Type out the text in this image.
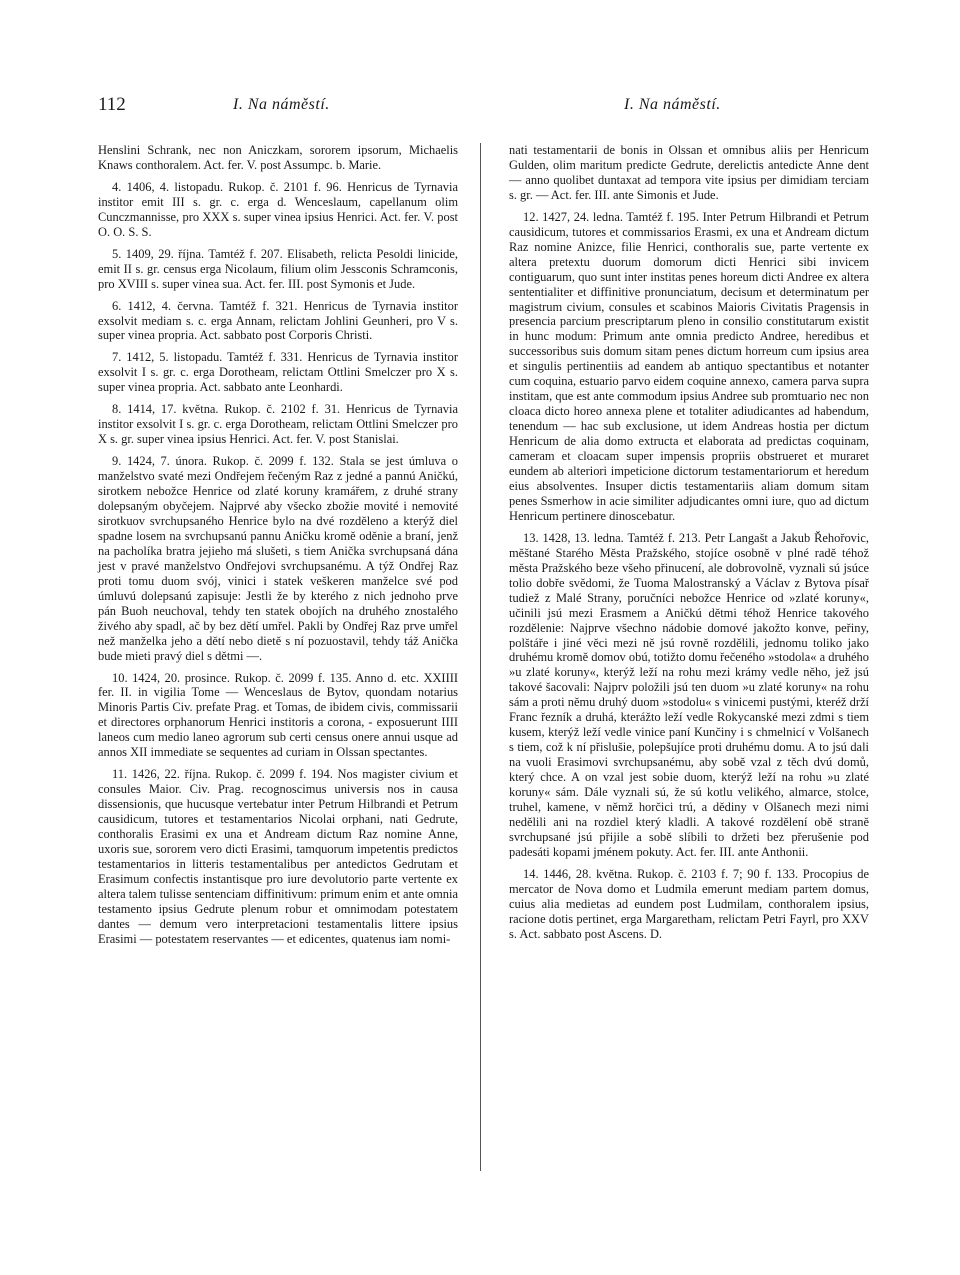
112	I. Na náměstí.	I. Na náměstí.

Henslini Schrank, nec non Aniczkam, sororem ipsorum, Michaelis Knaws conthoralem. Act. fer. V. post Assumpc. b. Marie.

4. 1406, 4. listopadu. Rukop. č. 2101 f. 96. Henricus de Tyrnavia institor emit III s. gr. c. erga d. Wenceslaum, capellanum olim Cunczmannisse, pro XXX s. super vinea ipsius Henrici. Act. fer. V. post O. O. S. S.

5. 1409, 29. října. Tamtéž f. 207. Elisabeth, relicta Pesoldi linicide, emit II s. gr. census erga Nicolaum, filium olim Jessconis Schramconis, pro XVIII s. super vinea sua. Act. fer. III. post Symonis et Jude.

6. 1412, 4. června. Tamtéž f. 321. Henricus de Tyrnavia institor exsolvit mediam s. c. erga Annam, relictam Johlini Geunheri, pro V s. super vinea propria. Act. sabbato post Corporis Christi.

7. 1412, 5. listopadu. Tamtéž f. 331. Henricus de Tyrnavia institor exsolvit I s. gr. c. erga Dorotheam, relictam Ottlini Smelczer pro X s. super vinea propria. Act. sabbato ante Leonhardi.

8. 1414, 17. května. Rukop. č. 2102 f. 31. Henricus de Tyrnavia institor exsolvit I s. gr. c. erga Dorotheam, relictam Ottlini Smelczer pro X s. gr. super vinea ipsius Henrici. Act. fer. V. post Stanislai.

9. 1424, 7. února. Rukop. č. 2099 f. 132. Stala se jest úmluva o manželstvo svaté mezi Ondřejem řečeným Raz z jedné a pannú Aničkú, sirotkem nebožce Henrice od zlaté koruny kramářem, z druhé strany dolepsaným obyčejem. Najprvé aby všecko zbožie movité i nemovité sirotkuov svrchupsaného Henrice bylo na dvé rozděleno a kterýž diel spadne losem na svrchupsanú pannu Aničku kromě oděnie a braní, jenž na pacholíka bratra jejieho má slušeti, s tiem Anička svrchupsaná dána jest v pravé manželstvo Ondřejovi svrchupsanému. A týž Ondřej Raz proti tomu duom svój, vinici i statek veškeren manželce své pod úmluvú dolepsanú zapisuje: Jestli že by kterého z nich jednoho prve pán Buoh neuchoval, tehdy ten statek obojích na druhého znostalého živého aby spadl, ač by bez dětí umřel. Pakli by Ondřej Raz prve umřel než manželka jeho a dětí nebo dietě s ní pozuostavil, tehdy táž Anička bude mieti pravý diel s dětmi —.

10. 1424, 20. prosince. Rukop. č. 2099 f. 135. Anno d. etc. XXIIII fer. II. in vigilia Tome — Wenceslaus de Bytov, quondam notarius Minoris Partis Civ. prefate Prag. et Tomas, de ibidem civis, commissarii et directores orphanorum Henrici institoris a corona, - exposuerunt IIII laneos cum medio laneo agrorum sub certi census onere annui usque ad annos XII immediate se sequentes ad curiam in Olssan spectantes.

11. 1426, 22. října. Rukop. č. 2099 f. 194. Nos magister civium et consules Maior. Civ. Prag. recognoscimus universis nos in causa dissensionis, que hucusque vertebatur inter Petrum Hilbrandi et Petrum causidicum, tutores et testamentarios Nicolai orphani, nati Gedrute, conthoralis Erasimi ex una et Andream dictum Raz nomine Anne, uxoris sue, sororem vero dicti Erasimi, tamquorum impetentis predictos testamentarios in litteris testamentalibus per antedictos Gedrutam et Erasimum confectis instantisque pro iure devolutorio parte vertente ex altera talem tulisse sentenciam diffinitivum: primum enim et ante omnia testamento ipsius Gedrute plenum robur et omnimodam potestatem dantes — demum vero interpretacioni testamentalis littere ipsius Erasimi — potestatem reservantes — et edicentes, quatenus iam nomi-

nati testamentarii de bonis in Olssan et omnibus aliis per Henricum Gulden, olim maritum predicte Gedrute, derelictis antedicte Anne dent — anno quolibet duntaxat ad tempora vite ipsius per dimidiam terciam s. gr. — Act. fer. III. ante Simonis et Jude.

12. 1427, 24. ledna. Tamtéž f. 195. Inter Petrum Hilbrandi et Petrum causidicum, tutores et commissarios Erasmi, ex una et Andream dictum Raz nomine Anizce, filie Henrici, conthoralis sue, parte vertente ex altera pretextu duorum domorum dicti Henrici sibi invicem contiguarum, quo sunt inter institas penes horeum dicti Andree ex altera sententialiter et diffinitive pronunciatum, decisum et determinatum per magistrum civium, consules et scabinos Maioris Civitatis Pragensis in presencia parcium prescriptarum pleno in consilio constitutarum existit in hunc modum: Primum ante omnia predicto Andree, heredibus et successoribus suis domum sitam penes dictum horreum cum ipsius area et singulis pertinentiis ad eandem ab antiquo spectantibus et notanter cum coquina, estuario parvo eidem coquine annexo, camera parva supra institam, que est ante commodum ipsius Andree sub promtuario nec non cloaca dicto horeo annexa plene et totaliter adiudicantes ad habendum, tenendum — hac sub exclusione, ut idem Andreas hostia per dictum Henricum de alia domo extructa et elaborata ad predictas coquinam, cameram et cloacam super impensis propriis obstrueret et muraret eundem ab alteriori impeticione dictorum testamentariorum et heredum eius absolventes. Insuper dictis testamentariis aliam domum sitam penes Ssmerhow in acie similiter adjudicantes omni iure, quo ad dictum Henricum pertinere dinoscebatur.

13. 1428, 13. ledna. Tamtéž f. 213. Petr Langašt a Jakub Řehořovic, měštané Starého Města Pražského, stojíce osobně v plné radě téhož města Pražského beze všeho přinucení, ale dobrovolně, vyznali sú jsúce tolio dobře svědomi, že Tuoma Malostranský a Václav z Bytova písař tudiež z Malé Strany, poručníci nebožce Henrice od »zlaté koruny«, učinili jsú mezi Erasmem a Aničkú dětmi téhož Henrice takového rozdělenie: Najprve všechno nádobie domové jakožto konve, peřiny, polštáře i jiné věci mezi ně jsú rovně rozdělili, jednomu toliko jako druhému kromě domov obú, totižto domu řečeného »stodola« a druhého »u zlaté koruny«, kterýž leží na rohu mezi krámy vedle něho, jež jsú takové šacovali: Najprv položili jsú ten duom »u zlaté koruny« na rohu sám a proti němu druhý duom »stodolu« s vinicemi pustými, kteréž drží Franc řezník a druhá, kterážto leží vedle Rokycanské mezi zdmi s tiem kusem, kterýž leží vedle vinice paní Kunčiny i s chmelnicí v Volšanech s tiem, což k ní přislušie, polepšujíce proti druhému domu. A to jsú dali na vuoli Erasimovi svrchupsanému, aby sobě vzal z těch dvú domů, který chce. A on vzal jest sobie duom, kterýž leží na rohu »u zlaté koruny« sám. Dále vyznali sú, že sú kotlu velikého, almarce, stolce, truhel, kamene, v němž horčici trú, a dědiny v Olšanech mezi nimi nedělili ani na rozdiel který kladli. A takové rozdělení obě straně svrchupsané jsú přijile a sobě slíbili to držeti bez přerušenie pod padesáti kopami jménem pokuty. Act. fer. III. ante Anthonii.

14. 1446, 28. května. Rukop. č. 2103 f. 7; 90 f. 133. Procopius de mercator de Nova domo et Ludmila emerunt mediam partem domus, cuius alia medietas ad eundem post Ludmilam, conthoralem ipsius, racione dotis pertinet, erga Margaretham, relictam Petri Fayrl, pro XXV s. Act. sabbato post Ascens. D.
